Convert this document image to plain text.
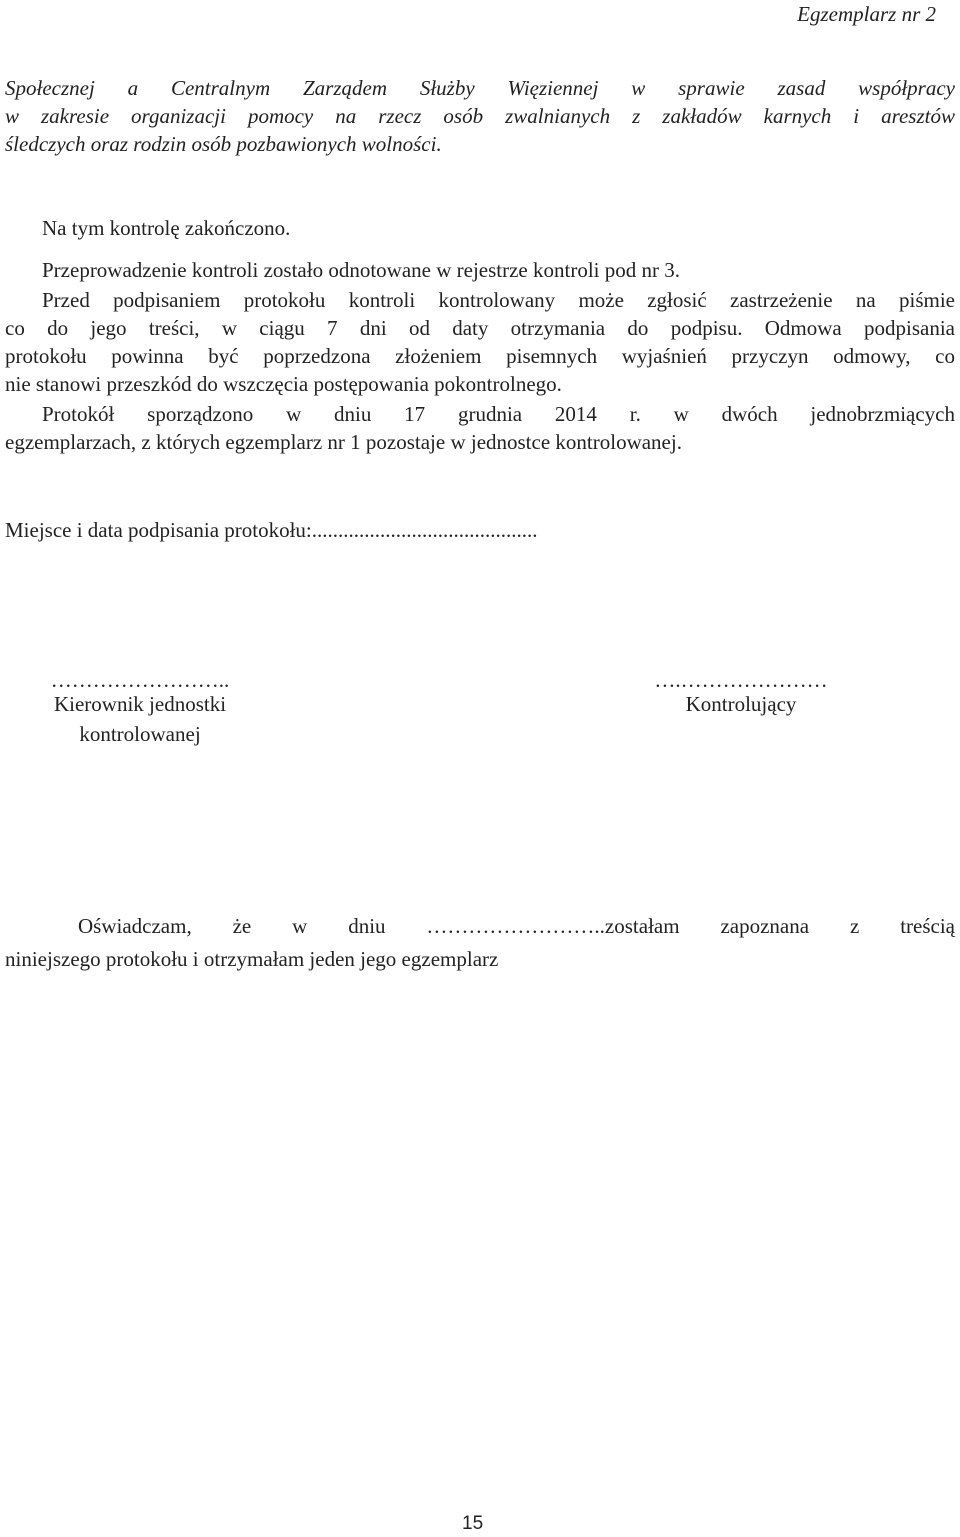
Egzemplarz nr 2
Społecznej a Centralnym Zarządem Służby Więziennej w sprawie zasad współpracy
w zakresie organizacji pomocy na rzecz osób zwalnianych z zakładów karnych i aresztów
śledczych oraz rodzin osób pozbawionych wolności.
Na tym kontrolę zakończono.
Przeprowadzenie kontroli zostało odnotowane w rejestrze kontroli pod nr 3.
Przed podpisaniem protokołu kontroli kontrolowany może zgłosić zastrzeżenie na piśmie
co do jego treści, w ciągu 7 dni od daty otrzymania do podpisu. Odmowa podpisania
protokołu powinna być poprzedzona złożeniem pisemnych wyjaśnień przyczyn odmowy, co
nie stanowi przeszkód do wszczęcia postępowania pokontrolnego.
Protokół sporządzono w dniu 17 grudnia 2014 r. w dwóch jednobrzmiących
egzemplarzach, z których egzemplarz nr 1 pozostaje w jednostce kontrolowanej.
Miejsce i data podpisania protokołu:...........................................
……………………..
Kierownik jednostki
kontrolowanej
….…………………
Kontrolujący
Oświadczam, że w dniu ……………………..zostałam zapoznana z treścią
niniejszego protokołu i otrzymałam jeden jego egzemplarz
15
